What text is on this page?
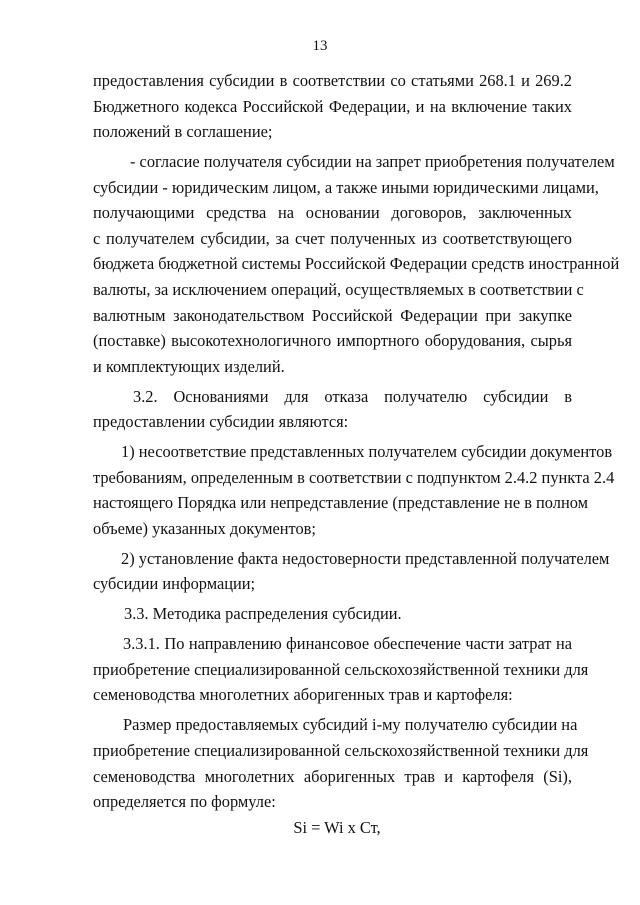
13
предоставления субсидии в соответствии со статьями 268.1 и 269.2
Бюджетного кодекса Российской Федерации, и на включение таких
положений в соглашение;
- согласие получателя субсидии на запрет приобретения получателем
субсидии - юридическим лицом, а также иными юридическими лицами,
получающими средства на основании договоров, заключенных
с получателем субсидии, за счет полученных из соответствующего
бюджета бюджетной системы Российской Федерации средств иностранной
валюты, за исключением операций, осуществляемых в соответствии с
валютным законодательством Российской Федерации при закупке
(поставке) высокотехнологичного импортного оборудования, сырья
и комплектующих изделий.
3.2. Основаниями для отказа получателю субсидии в
предоставлении субсидии являются:
1) несоответствие представленных получателем субсидии документов
требованиям, определенным в соответствии с подпунктом 2.4.2 пункта 2.4
настоящего Порядка или непредставление (представление не в полном
объеме) указанных документов;
2) установление факта недостоверности представленной получателем
субсидии информации;
3.3. Методика распределения субсидии.
3.3.1. По направлению финансовое обеспечение части затрат на
приобретение специализированной сельскохозяйственной техники для
семеноводства многолетних аборигенных трав и картофеля:
Размер предоставляемых субсидий i-му получателю субсидии на
приобретение специализированной сельскохозяйственной техники для
семеноводства многолетних аборигенных трав и картофеля (Si),
определяется по формуле:
Si = Wi x Ст,
